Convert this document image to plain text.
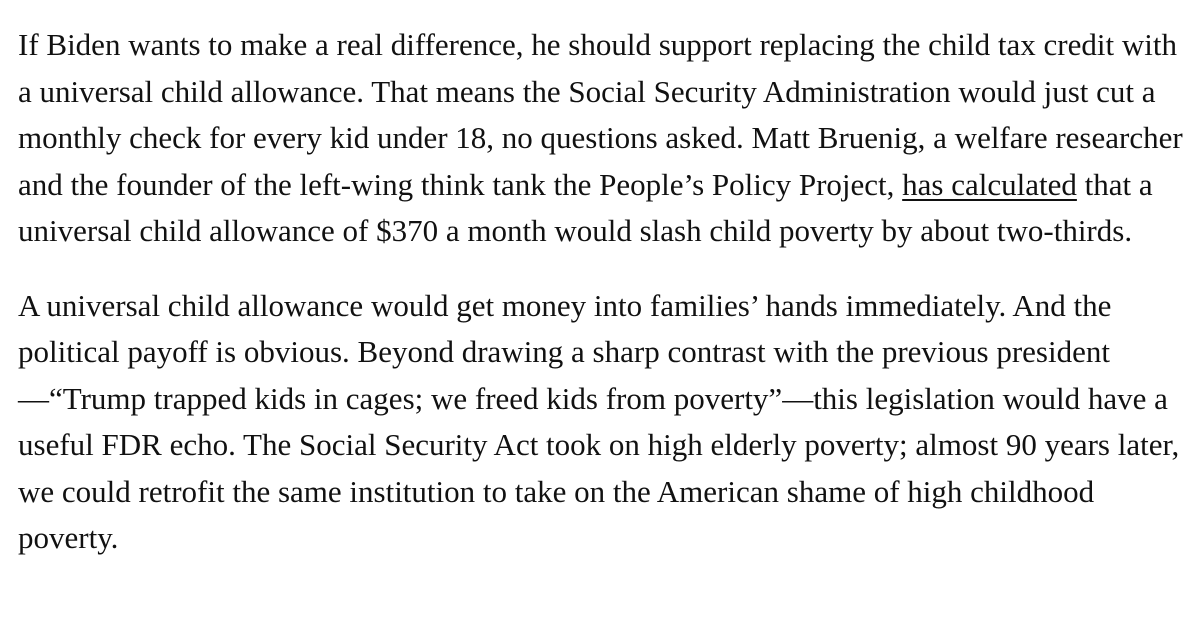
If Biden wants to make a real difference, he should support replacing the child tax credit with a universal child allowance. That means the Social Security Administration would just cut a monthly check for every kid under 18, no questions asked. Matt Bruenig, a welfare researcher and the founder of the left-wing think tank the People’s Policy Project, has calculated that a universal child allowance of $370 a month would slash child poverty by about two-thirds.

A universal child allowance would get money into families’ hands immediately. And the political payoff is obvious. Beyond drawing a sharp contrast with the previous president —“Trump trapped kids in cages; we freed kids from poverty”—this legislation would have a useful FDR echo. The Social Security Act took on high elderly poverty; almost 90 years later, we could retrofit the same institution to take on the American shame of high childhood poverty.
